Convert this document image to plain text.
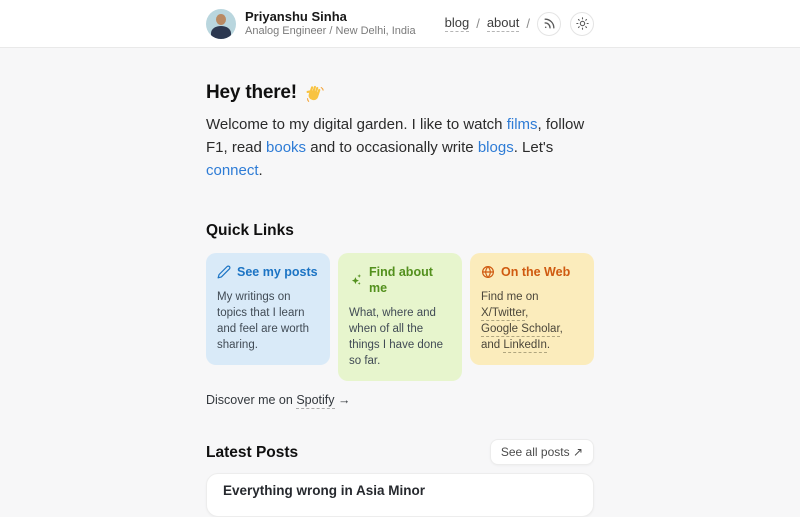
Priyanshu Sinha
Analog Engineer / New Delhi, India
blog / about /
Hey there!
Welcome to my digital garden. I like to watch films, follow F1, read books and to occasionally write blogs. Let's connect.
Quick Links
See my posts
My writings on topics that I learn and feel are worth sharing.
Find about me
What, where and when of all the things I have done so far.
On the Web
Find me on X/Twitter, Google Scholar, and LinkedIn.
Discover me on Spotify →
Latest Posts	See all posts ↗
Everything wrong in Asia Minor
